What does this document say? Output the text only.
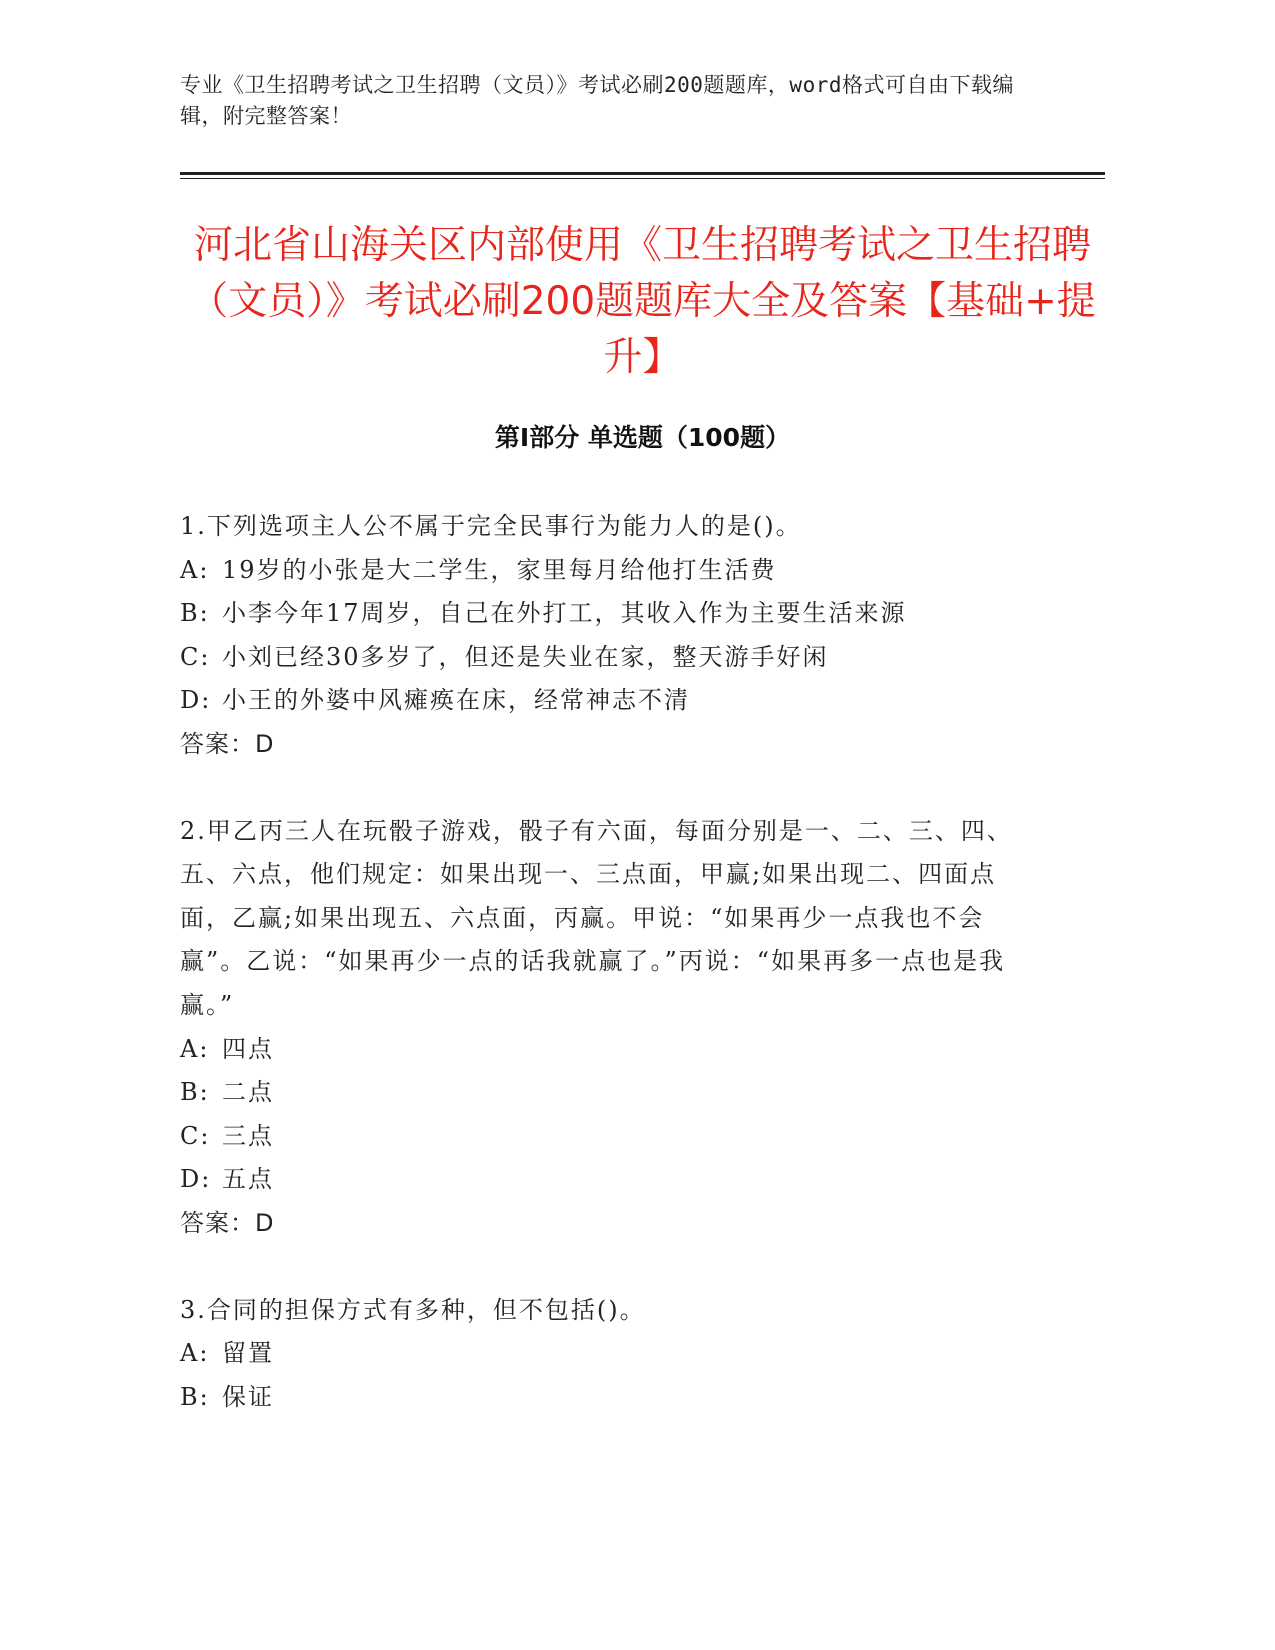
专业《卫生招聘考试之卫生招聘（文员）》考试必刷200题题库，word格式可自由下载编辑，附完整答案！
河北省山海关区内部使用《卫生招聘考试之卫生招聘（文员）》考试必刷200题题库大全及答案【基础+提升】
第Ⅰ部分 单选题（100题）
1.下列选项主人公不属于完全民事行为能力人的是()。
A: 19岁的小张是大二学生，家里每月给他打生活费
B: 小李今年17周岁，自己在外打工，其收入作为主要生活来源
C: 小刘已经30多岁了，但还是失业在家，整天游手好闲
D: 小王的外婆中风瘫痪在床，经常神志不清
答案：D
2.甲乙丙三人在玩骰子游戏，骰子有六面，每面分别是一、二、三、四、五、六点，他们规定：如果出现一、三点面，甲赢;如果出现二、四面点面，乙赢;如果出现五、六点面，丙赢。甲说：“如果再少一点我也不会赢”。乙说：“如果再少一点的话我就赢了。”丙说：“如果再多一点也是我赢。”
A: 四点
B: 二点
C: 三点
D: 五点
答案：D
3.合同的担保方式有多种，但不包括()。
A: 留置
B: 保证
